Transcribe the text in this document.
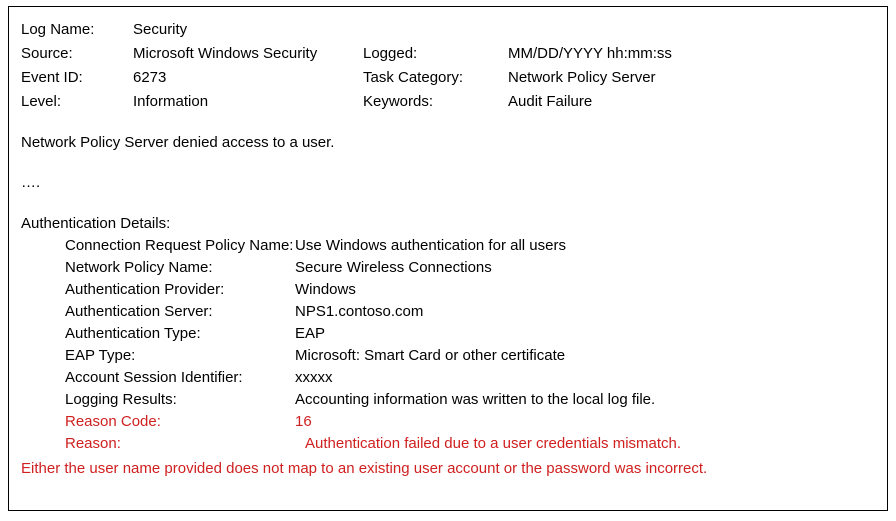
Log Name:	Security
Source:	Microsoft Windows Security	Logged:	MM/DD/YYYY hh:mm:ss
Event ID:	6273	Task Category:	Network Policy Server
Level:	Information	Keywords:	Audit Failure
Network Policy Server denied access to a user.
….
Authentication Details:
Connection Request Policy Name: Use Windows authentication for all users
Network Policy Name:	Secure Wireless Connections
Authentication Provider:	Windows
Authentication Server:	NPS1.contoso.com
Authentication Type:	EAP
EAP Type:	Microsoft: Smart Card or other certificate
Account Session Identifier:	xxxxx
Logging Results:	Accounting information was written to the local log file.
Reason Code:	16
Reason:	Authentication failed due to a user credentials mismatch.
Either the user name provided does not map to an existing user account or the password was incorrect.
